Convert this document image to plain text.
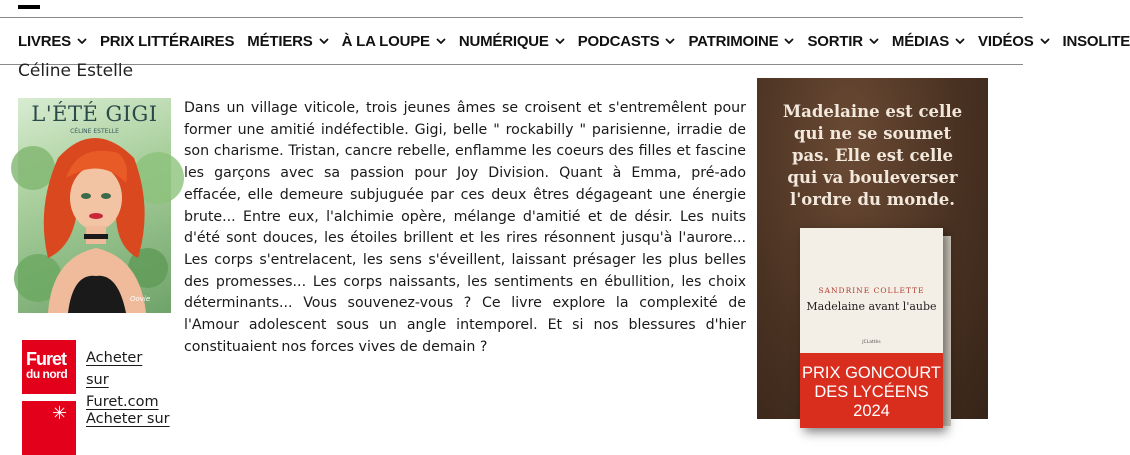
LIVRES PRIX LITTÉRAIRES MÉTIERS À LA LOUPE NUMÉRIQUE PODCASTS PATRIMOINE SORTIR MÉDIAS VIDÉOS INSOLITE
Céline Estelle
L'ÉTÉ GIGI
CÉLINE ESTELLE
Oovie

Dans un village viticole, trois jeunes âmes se croisent et s'entremêlent pour former une amitié indéfectible. Gigi, belle " rockabilly " parisienne, irradie de son charisme. Tristan, cancre rebelle, enflamme les coeurs des filles et fascine les garçons avec sa passion pour Joy Division. Quant à Emma, pré-ado effacée, elle demeure subjuguée par ces deux êtres dégageant une énergie brute... Entre eux, l'alchimie opère, mélange d'amitié et de désir. Les nuits d'été sont douces, les étoiles brillent et les rires résonnent jusqu'à l'aurore... Les corps s'entrelacent, les sens s'éveillent, laissant présager les plus belles des promesses... Les corps naissants, les sentiments en ébullition, les choix déterminants... Vous souvenez-vous ? Ce livre explore la complexité de l'Amour adolescent sous un angle intemporel. Et si nos blessures d'hier constituaient nos forces vives de demain ?

Furet
du nord
Acheter sur Furet.com
✳ Acheter sur
Madelaine est celle qui ne se soumet pas. Elle est celle qui va bouleverser l'ordre du monde.
SANDRINE COLLETTE
Madelaine avant l'aube
JCLattès
PRIX GONCOURT
DES LYCÉENS
2024
